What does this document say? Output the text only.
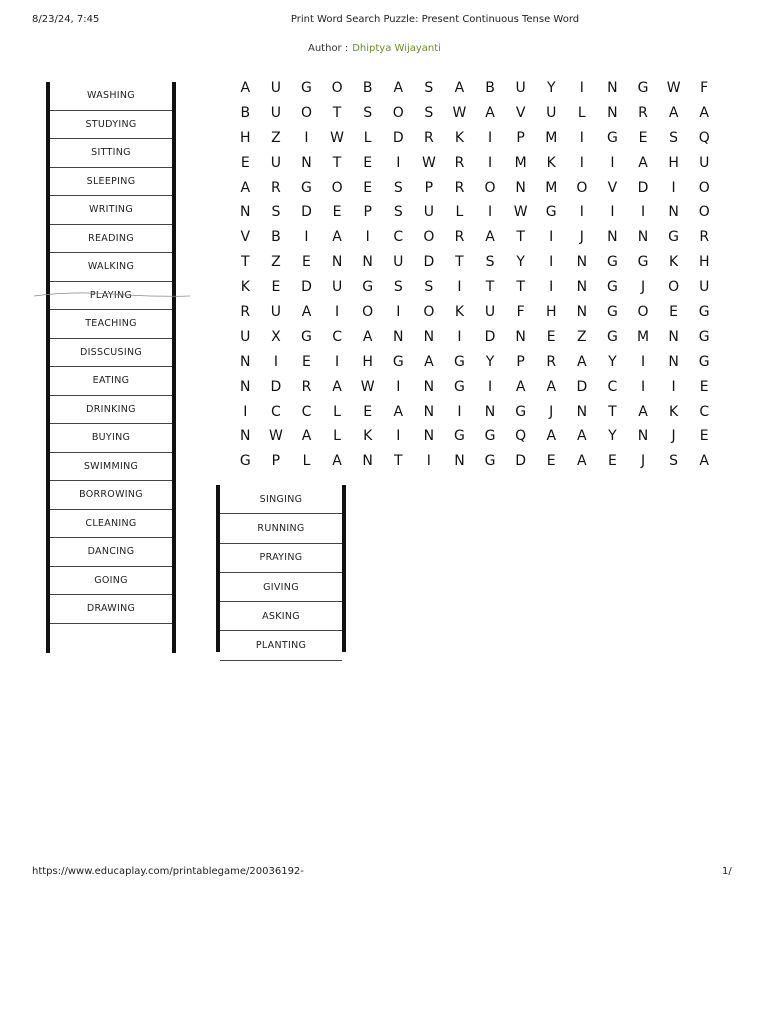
8/23/24, 7:45	Print Word Search Puzzle: Present Continuous Tense Word
Author : Dhiptya Wijayanti
WASHING
STUDYING
SITTING
SLEEPING
WRITING
READING
WALKING
PLAYING
TEACHING
DISSCUSING
EATING
DRINKING
BUYING
SWIMMING
BORROWING
CLEANING
DANCING
GOING
DRAWING
SINGING
RUNNING
PRAYING
GIVING
ASKING
PLANTING
A	U	G	O	B	A	S	A	B	U	Y	I	N	G	W	F
B	U	O	T	S	O	S	W	A	V	U	L	N	R	A	A
H	Z	I	W	L	D	R	K	I	P	M	I	G	E	S	Q
E	U	N	T	E	I	W	R	I	M	K	I	I	A	H	U
A	R	G	O	E	S	P	R	O	N	M	O	V	D	I	O
N	S	D	E	P	S	U	L	I	W	G	I	I	I	N	O
V	B	I	A	I	C	O	R	A	T	I	J	N	N	G	R
T	Z	E	N	N	U	D	T	S	Y	I	N	G	G	K	H
K	E	D	U	G	S	S	I	T	T	I	N	G	J	O	U
R	U	A	I	O	I	O	K	U	F	H	N	G	O	E	G
U	X	G	C	A	N	N	I	D	N	E	Z	G	M	N	G
N	I	E	I	H	G	A	G	Y	P	R	A	Y	I	N	G
N	D	R	A	W	I	N	G	I	A	A	D	C	I	I	E
I	C	C	L	E	A	N	I	N	G	J	N	T	A	K	C
N	W	A	L	K	I	N	G	G	Q	A	A	Y	N	J	E
G	P	L	A	N	T	I	N	G	D	E	A	E	J	S	A
https://www.educaplay.com/printablegame/20036192-	1/
